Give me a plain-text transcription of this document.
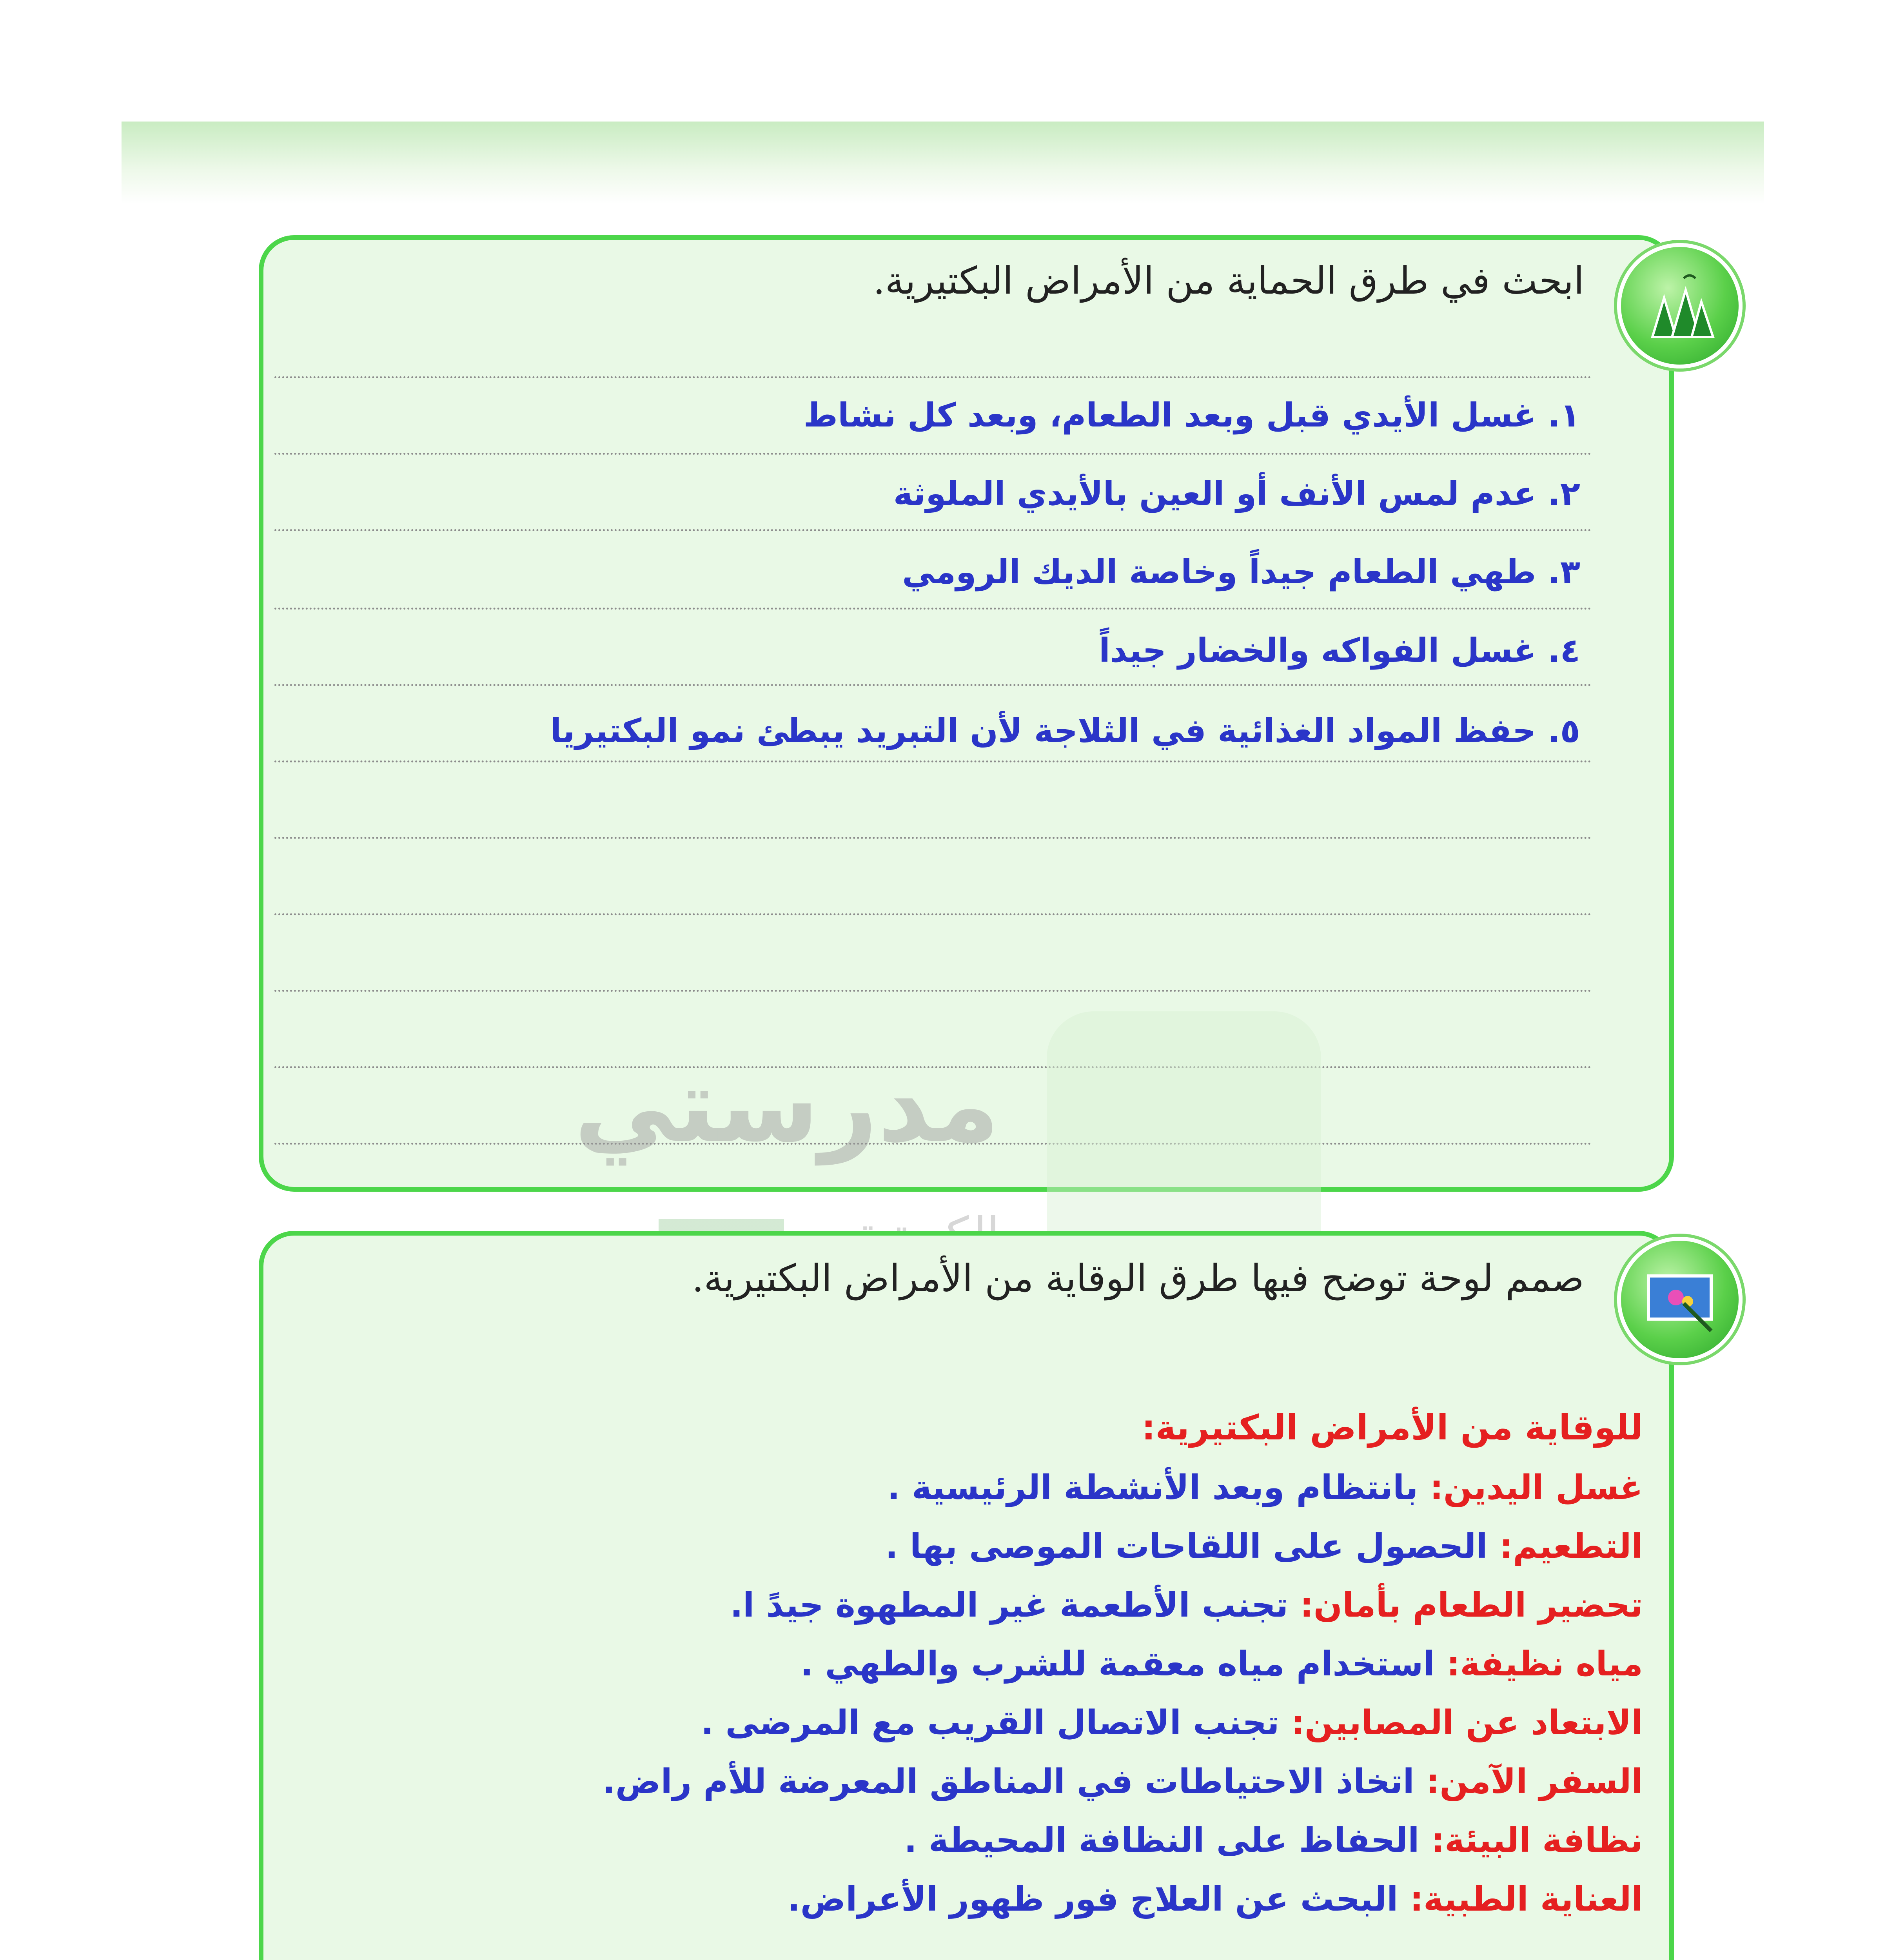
ابحث في طرق الحماية من الأمراض البكتيرية.
١. غسل الأيدي قبل وبعد الطعام، وبعد كل نشاط
٢. عدم لمس الأنف أو العين بالأيدي الملوثة
٣. طهي الطعام جيداً وخاصة الديك الرومي
٤. غسل الفواكه والخضار جيداً
٥. حفظ المواد الغذائية في الثلاجة لأن التبريد يبطئ نمو البكتيريا
مدرستي
صمم لوحة توضح فيها طرق الوقاية من الأمراض البكتيرية.
للوقاية من الأمراض البكتيرية:
غسل اليدين: بانتظام وبعد الأنشطة الرئيسية .
التطعيم: الحصول على اللقاحات الموصى بها .
تحضير الطعام بأمان: تجنب الأطعمة غير المطهوة جيدً ا.
مياه نظيفة: استخدام مياه معقمة للشرب والطهي .
الابتعاد عن المصابين: تجنب الاتصال القريب مع المرضى .
السفر الآمن: اتخاذ الاحتياطات في المناطق المعرضة للأم راض.
نظافة البيئة: الحفاظ على النظافة المحيطة .
العناية الطبية: البحث عن العلاج فور ظهور الأعراض.
